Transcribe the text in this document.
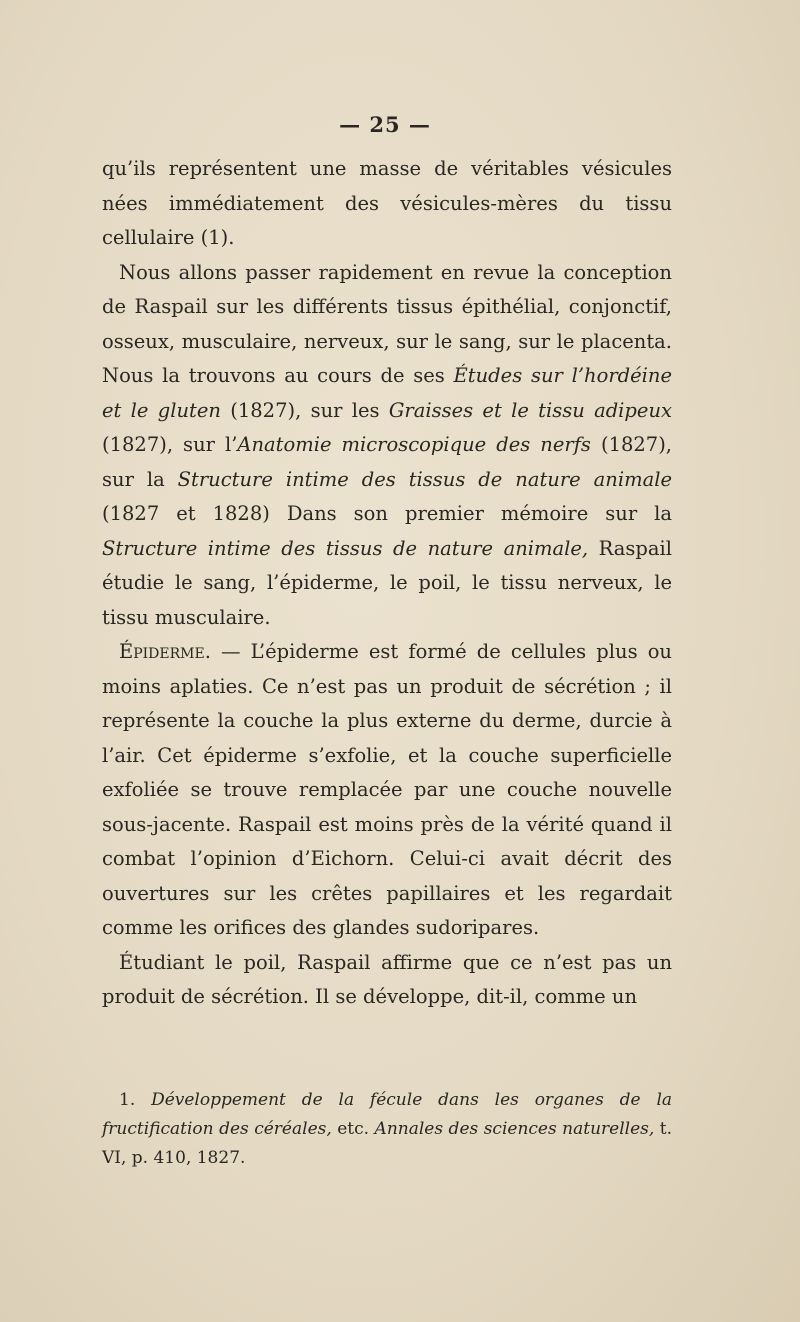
— 25 —

qu’ils représentent une masse de véritables vésicules nées immédiatement des vésicules-mères du tissu cellulaire (1).

Nous allons passer rapidement en revue la conception de Raspail sur les différents tissus épithélial, conjonctif, osseux, musculaire, nerveux, sur le sang, sur le placenta. Nous la trouvons au cours de ses Études sur l’hordéine et le gluten (1827), sur les Graisses et le tissu adipeux (1827), sur l’Anatomie microscopique des nerfs (1827), sur la Structure intime des tissus de nature animale (1827 et 1828) Dans son premier mémoire sur la Structure intime des tissus de nature animale, Raspail étudie le sang, l’épiderme, le poil, le tissu nerveux, le tissu musculaire.

Épiderme. — L’épiderme est formé de cellules plus ou moins aplaties. Ce n’est pas un produit de sécrétion ; il représente la couche la plus externe du derme, durcie à l’air. Cet épiderme s’exfolie, et la couche superficielle exfoliée se trouve remplacée par une couche nouvelle sous-jacente. Raspail est moins près de la vérité quand il combat l’opinion d’Eichorn. Celui-ci avait décrit des ouvertures sur les crêtes papillaires et les regardait comme les orifices des glandes sudoripares.

Étudiant le poil, Raspail affirme que ce n’est pas un produit de sécrétion. Il se développe, dit-il, comme un

1. Développement de la fécule dans les organes de la fructification des céréales, etc. Annales des sciences naturelles, t. VI, p. 410, 1827.
